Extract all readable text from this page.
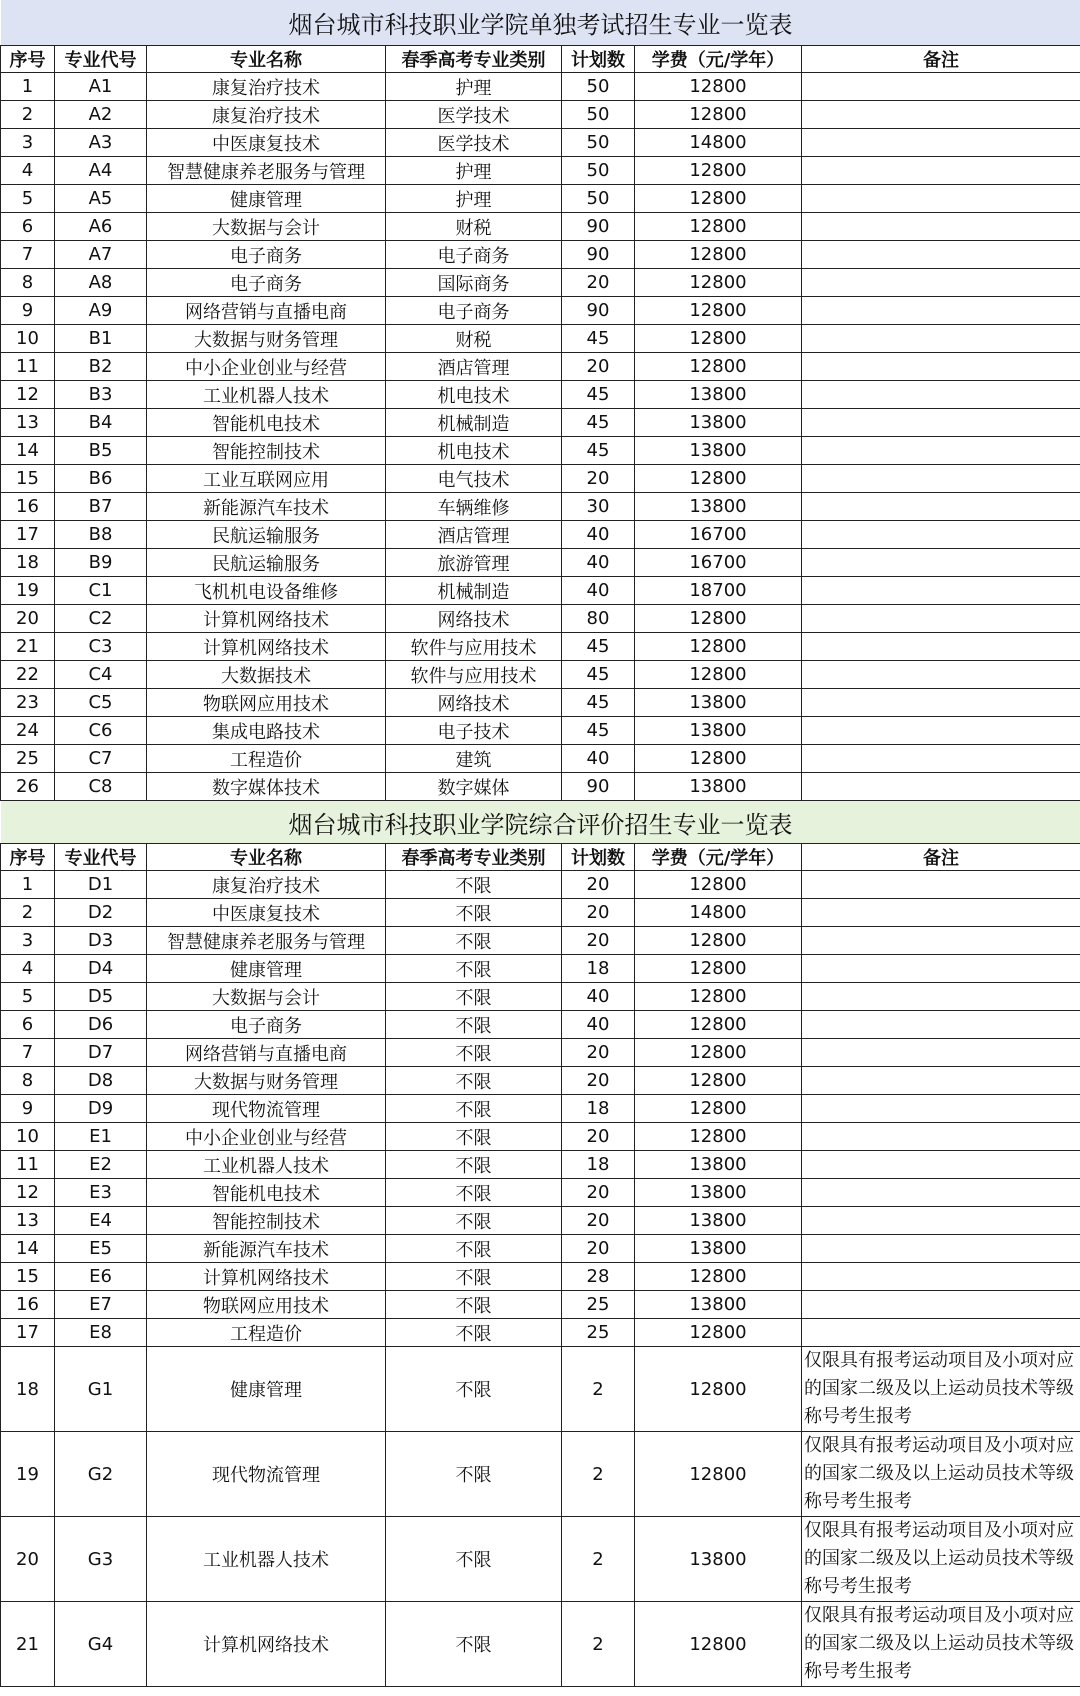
烟台城市科技职业学院单独考试招生专业一览表						
序号	专业代号	专业名称	春季高考专业类别	计划数	学费（元/学年）	备注
1	A1	康复治疗技术	护理	50	12800	
2	A2	康复治疗技术	医学技术	50	12800	
3	A3	中医康复技术	医学技术	50	14800	
4	A4	智慧健康养老服务与管理	护理	50	12800	
5	A5	健康管理	护理	50	12800	
6	A6	大数据与会计	财税	90	12800	
7	A7	电子商务	电子商务	90	12800	
8	A8	电子商务	国际商务	20	12800	
9	A9	网络营销与直播电商	电子商务	90	12800	
10	B1	大数据与财务管理	财税	45	12800	
11	B2	中小企业创业与经营	酒店管理	20	12800	
12	B3	工业机器人技术	机电技术	45	13800	
13	B4	智能机电技术	机械制造	45	13800	
14	B5	智能控制技术	机电技术	45	13800	
15	B6	工业互联网应用	电气技术	20	12800	
16	B7	新能源汽车技术	车辆维修	30	13800	
17	B8	民航运输服务	酒店管理	40	16700	
18	B9	民航运输服务	旅游管理	40	16700	
19	C1	飞机机电设备维修	机械制造	40	18700	
20	C2	计算机网络技术	网络技术	80	12800	
21	C3	计算机网络技术	软件与应用技术	45	12800	
22	C4	大数据技术	软件与应用技术	45	12800	
23	C5	物联网应用技术	网络技术	45	13800	
24	C6	集成电路技术	电子技术	45	13800	
25	C7	工程造价	建筑	40	12800	
26	C8	数字媒体技术	数字媒体	90	13800	
烟台城市科技职业学院综合评价招生专业一览表						
序号	专业代号	专业名称	春季高考专业类别	计划数	学费（元/学年）	备注
1	D1	康复治疗技术	不限	20	12800	
2	D2	中医康复技术	不限	20	14800	
3	D3	智慧健康养老服务与管理	不限	20	12800	
4	D4	健康管理	不限	18	12800	
5	D5	大数据与会计	不限	40	12800	
6	D6	电子商务	不限	40	12800	
7	D7	网络营销与直播电商	不限	20	12800	
8	D8	大数据与财务管理	不限	20	12800	
9	D9	现代物流管理	不限	18	12800	
10	E1	中小企业创业与经营	不限	20	12800	
11	E2	工业机器人技术	不限	18	13800	
12	E3	智能机电技术	不限	20	13800	
13	E4	智能控制技术	不限	20	13800	
14	E5	新能源汽车技术	不限	20	13800	
15	E6	计算机网络技术	不限	28	12800	
16	E7	物联网应用技术	不限	25	13800	
17	E8	工程造价	不限	25	12800	
18	G1	健康管理	不限	2	12800	仅限具有报考运动项目及小项对应的国家二级及以上运动员技术等级称号考生报考
19	G2	现代物流管理	不限	2	12800	仅限具有报考运动项目及小项对应的国家二级及以上运动员技术等级称号考生报考
20	G3	工业机器人技术	不限	2	13800	仅限具有报考运动项目及小项对应的国家二级及以上运动员技术等级称号考生报考
21	G4	计算机网络技术	不限	2	12800	仅限具有报考运动项目及小项对应的国家二级及以上运动员技术等级称号考生报考
